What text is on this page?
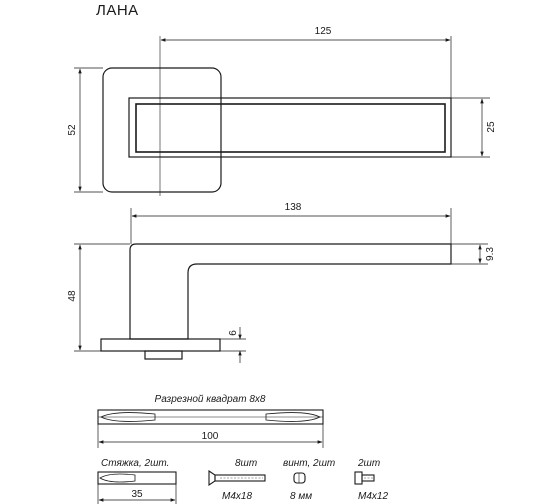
ЛАНА
125
52	25
138
48
9.3
6
Разрезной квадрат 8х8
100
Стяжка, 2шт.
35
8шт
M4x18
винт, 2шт
8 мм
2шт
M4x12
